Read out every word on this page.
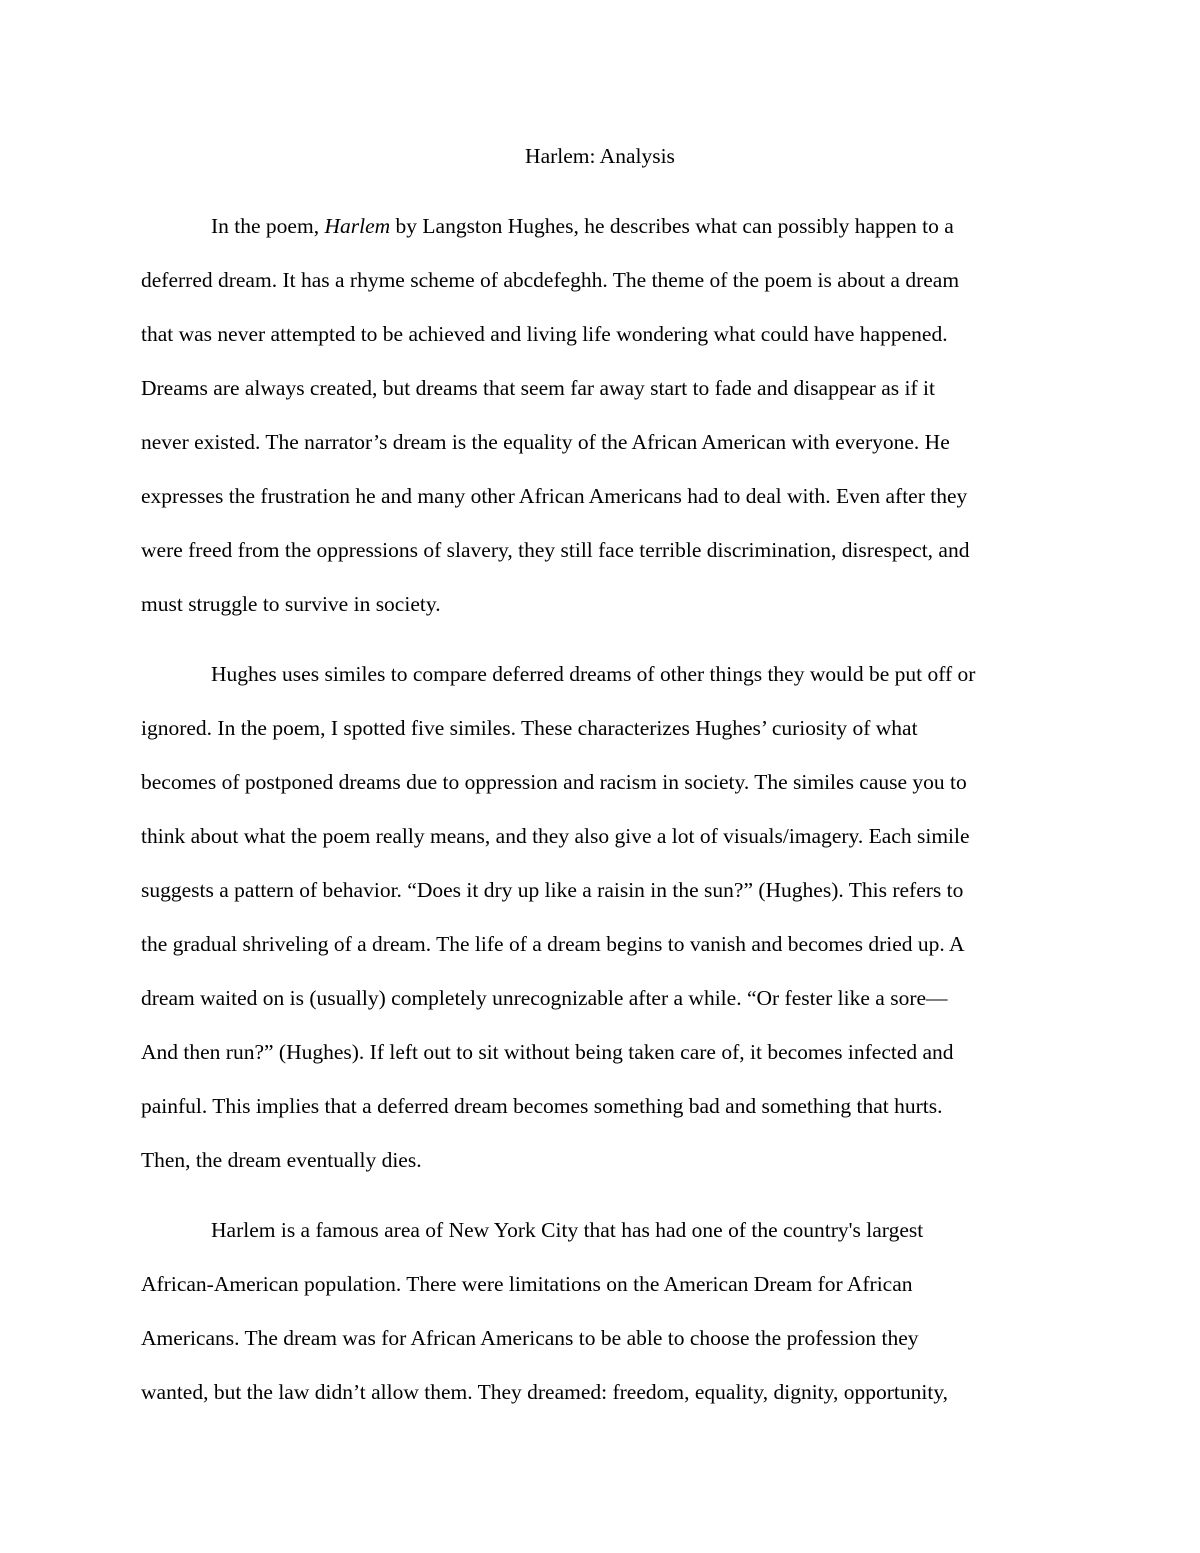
Harlem: Analysis

In the poem, Harlem by Langston Hughes, he describes what can possibly happen to a

deferred dream. It has a rhyme scheme of abcdefeghh. The theme of the poem is about a dream

that was never attempted to be achieved and living life wondering what could have happened.

Dreams are always created, but dreams that seem far away start to fade and disappear as if it

never existed. The narrator’s dream is the equality of the African American with everyone. He

expresses the frustration he and many other African Americans had to deal with. Even after they

were freed from the oppressions of slavery, they still face terrible discrimination, disrespect, and

must struggle to survive in society.

Hughes uses similes to compare deferred dreams of other things they would be put off or

ignored. In the poem, I spotted five similes. These characterizes Hughes’ curiosity of what

becomes of postponed dreams due to oppression and racism in society. The similes cause you to

think about what the poem really means, and they also give a lot of visuals/imagery. Each simile

suggests a pattern of behavior. “Does it dry up like a raisin in the sun?” (Hughes). This refers to

the gradual shriveling of a dream. The life of a dream begins to vanish and becomes dried up. A

dream waited on is (usually) completely unrecognizable after a while. “Or fester like a sore—

And then run?” (Hughes). If left out to sit without being taken care of, it becomes infected and

painful. This implies that a deferred dream becomes something bad and something that hurts.

Then, the dream eventually dies.

Harlem is a famous area of New York City that has had one of the country's largest

African-American population. There were limitations on the American Dream for African

Americans. The dream was for African Americans to be able to choose the profession they

wanted, but the law didn’t allow them. They dreamed: freedom, equality, dignity, opportunity,
